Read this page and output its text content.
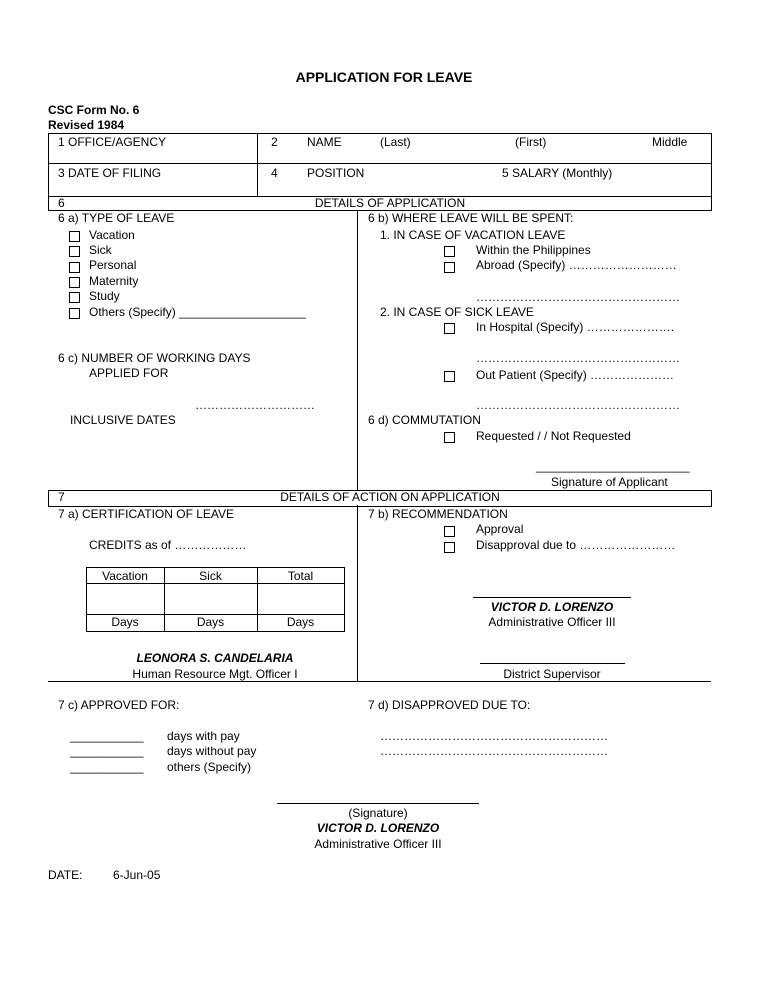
APPLICATION FOR LEAVE
CSC Form No. 6
Revised 1984
1 OFFICE/AGENCY	2 NAME	(Last)	(First)	Middle
3 DATE OF FILING	4 POSITION	5 SALARY (Monthly)
6	DETAILS OF APPLICATION
6 a) TYPE OF LEAVE
Vacation
Sick
Personal
Maternity
Study
Others (Specify) ___________________
6 b) WHERE LEAVE WILL BE SPENT:
1. IN CASE OF VACATION LEAVE
Within the Philippines
Abroad (Specify) ………………………
……………………………………………
2. IN CASE OF SICK LEAVE
In Hospital (Specify) ………………….
……………………………………………
Out Patient (Specify) …………………
……………………………………………
6 c) NUMBER OF WORKING DAYS
APPLIED FOR
…………………………
INCLUSIVE DATES	6 d) COMMUTATION
Requested / / Not Requested
_______________________
Signature of Applicant
7	DETAILS OF ACTION ON APPLICATION
7 a) CERTIFICATION OF LEAVE
CREDITS as of ………………
Vacation	Sick	Total
Days	Days	Days
LEONORA S. CANDELARIA
Human Resource Mgt. Officer I
7 b) RECOMMENDATION
Approval
Disapproval due to ……………………
VICTOR D. LORENZO
Administrative Officer III
District Supervisor
7 c) APPROVED FOR:
___________ days with pay
___________ days without pay
___________ others (Specify)
7 d) DISAPPROVED DUE TO:
…………………………………………………
…………………………………………………
(Signature)
VICTOR D. LORENZO
Administrative Officer III
DATE:	6-Jun-05
